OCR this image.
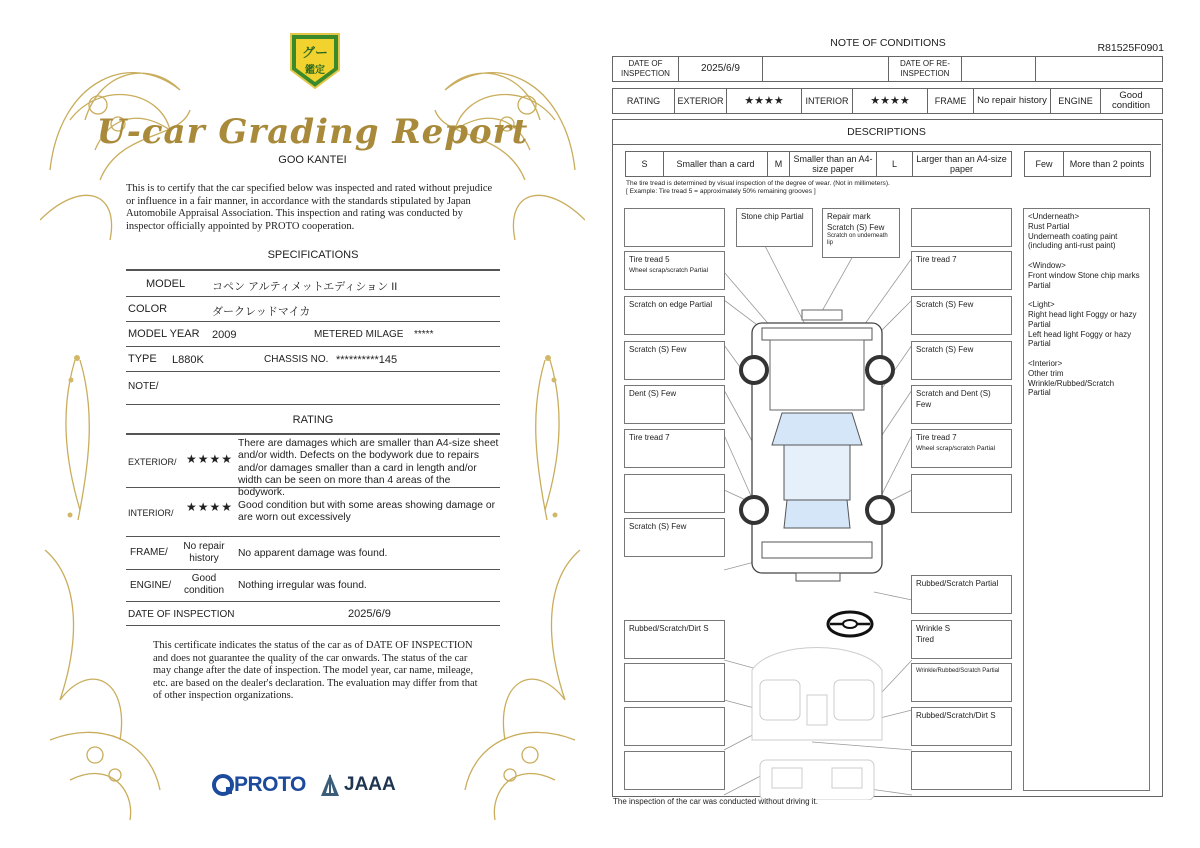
グー
鑑定
U-car Grading Report
GOO KANTEI
This is to certify that the car specified below was inspected and rated without prejudice or influence in a fair manner, in accordance with the standards stipulated by Japan Automobile Appraisal Association. This inspection and rating was conducted by inspector officially appointed by PROTO cooperation.
SPECIFICATIONS
MODEL コペン アルティメットエディション II
COLOR	ダークレッドマイカ
MODEL YEAR 2009	METERED MILAGE *****
TYPE L880K	CHASSIS NO. **********145
NOTE/
RATING
EXTERIOR/ ★★★★
There are damages which are smaller than A4-size sheet and/or width. Defects on the bodywork due to repairs and/or damages smaller than a card in length and/or width can be seen on more than 4 areas of the bodywork.
INTERIOR/ ★★★★ Good condition but with some areas showing damage or are worn out excessively
FRAME/
No repair history	No apparent damage was found.
ENGINE/
Good condition	Nothing irregular was found.
DATE OF INSPECTION	2025/6/9
This certificate indicates the status of the car as of DATE OF INSPECTION and does not guarantee the quality of the car onwards. The status of the car may change after the date of inspection. The model year, car name, mileage, etc. are based on the dealer's declaration. The evaluation may differ from that of other inspection organizations.
PROTO JAAA
NOTE OF CONDITIONS	R81525F0901
DATE OF INSPECTION	2025/6/9	DATE OF RE-INSPECTION
RATING	EXTERIOR	★★★★	INTERIOR	★★★★	FRAME	No repair history	ENGINE	Good condition
DESCRIPTIONS
S	Smaller than a card	M	Smaller than an A4-size paper	L	Larger than an A4-size paper	Few	More than 2 points
The tire tread is determined by visual inspection of the degree of wear. (Not in millimeters).
[ Example: Tire tread 5 = approximately 50% remaining grooves ]
Stone chip Partial	Repair mark
Scratch (S) Few
Scratch on underneath lip
Tire tread 5
Wheel scrap/scratch Partial
Tire tread 7
Scratch on edge Partial	Scratch (S) Few
Scratch (S) Few	Scratch (S) Few
Dent (S) Few	Scratch and Dent (S) Few
Tire tread 7	Tire tread 7
Wheel scrap/scratch Partial
Scratch (S) Few
Rubbed/Scratch Partial
Rubbed/Scratch/Dirt S	Wrinkle S
Tired
Wrinkle/Rubbed/Scratch Partial
Rubbed/Scratch/Dirt S
<Underneath>
Rust Partial
Underneath coating paint
(including anti-rust paint)
<Window>
Front window Stone chip marks
Partial
<Light>
Right head light Foggy or hazy
Partial
Left head light Foggy or hazy
Partial
<Interior>
Other trim
Wrinkle/Rubbed/Scratch
Partial
The inspection of the car was conducted without driving it.
